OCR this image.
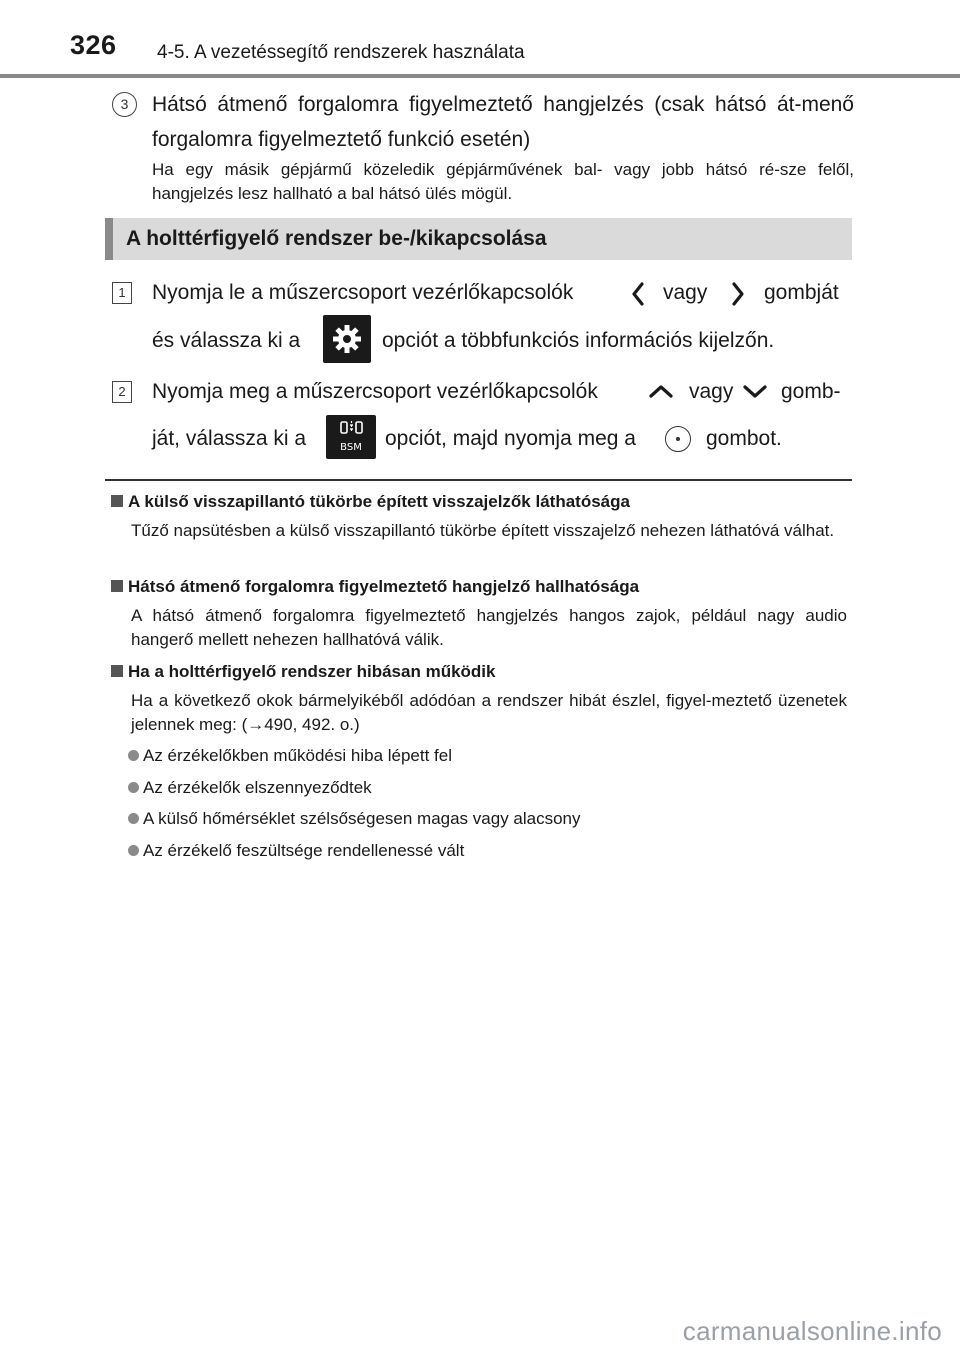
326 4-5. A vezetéssegítő rendszerek használata
3	Hátsó átmenő forgalomra figyelmeztető hangjelzés (csak hátsó át-menő forgalomra figyelmeztető funkció esetén)
Ha egy másik gépjármű közeledik gépjárművének bal- vagy jobb hátsó ré-sze felől, hangjelzés lesz hallható a bal hátsó ülés mögül.
A holttérfigyelő rendszer be-/kikapcsolása
1	Nyomja le a műszercsoport vezérlőkapcsolók	vagy	gombját
és válassza ki a	opciót a többfunkciós információs kijelzőn.
2	Nyomja meg a műszercsoport vezérlőkapcsolók	vagy gomb-
ját, válassza ki a	BSM	opciót, majd nyomja meg a	gombot.
A külső visszapillantó tükörbe épített visszajelzők láthatósága
Tűző napsütésben a külső visszapillantó tükörbe épített visszajelző nehezen láthatóvá válhat.
Hátsó átmenő forgalomra figyelmeztető hangjelző hallhatósága
A hátsó átmenő forgalomra figyelmeztető hangjelzés hangos zajok, például nagy audio hangerő mellett nehezen hallhatóvá válik.
Ha a holttérfigyelő rendszer hibásan működik
Ha a következő okok bármelyikéből adódóan a rendszer hibát észlel, figyel-meztető üzenetek jelennek meg: (→490, 492. o.)
Az érzékelőkben működési hiba lépett fel
Az érzékelők elszennyeződtek
A külső hőmérséklet szélsőségesen magas vagy alacsony
Az érzékelő feszültsége rendellenessé vált
carmanualsonline.info
